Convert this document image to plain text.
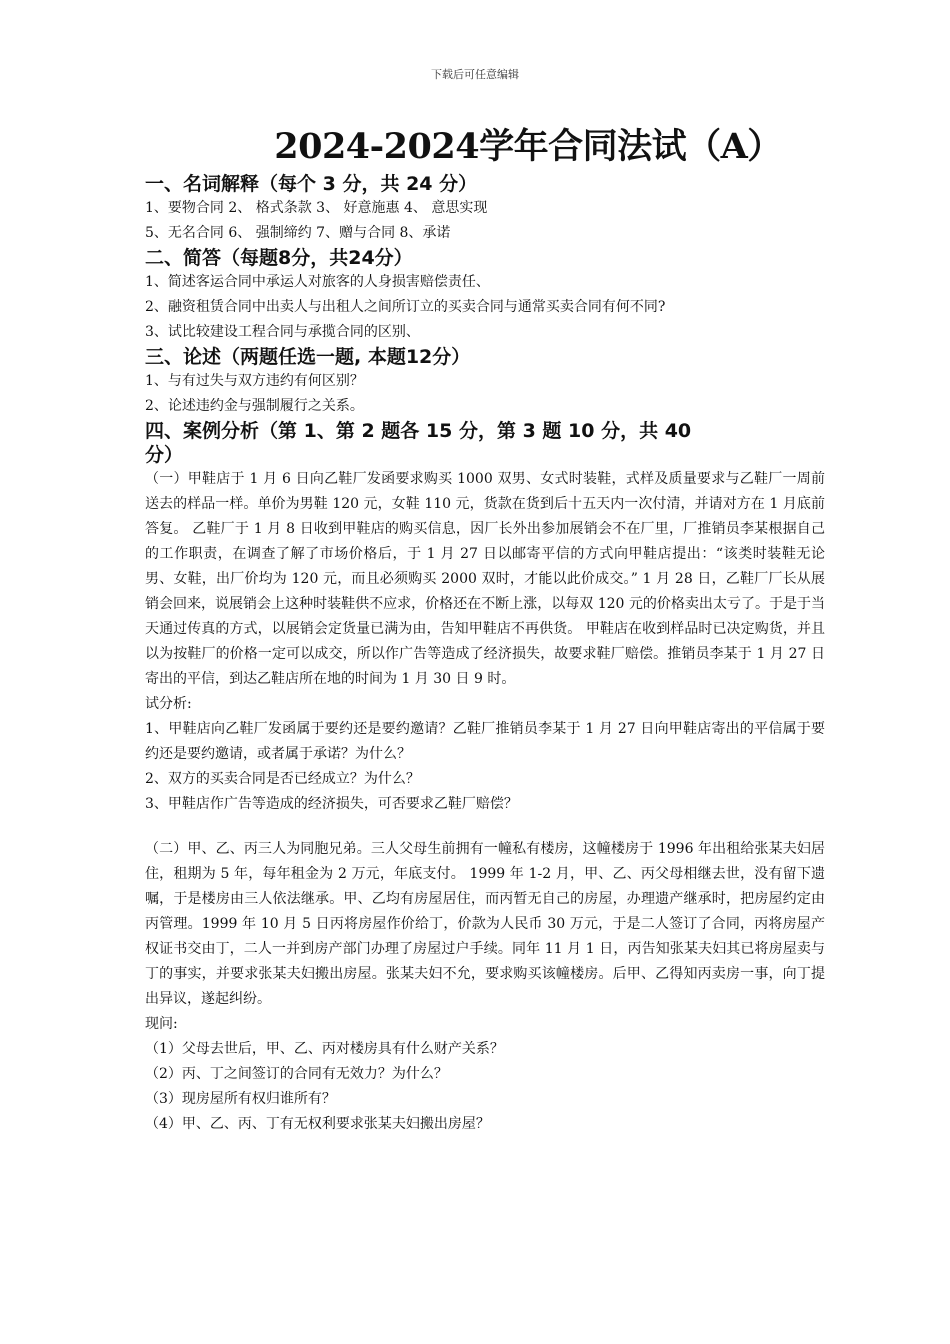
下载后可任意编辑
2024-2024学年合同法试（A）
一、名词解释（每个 3 分，共 24 分）

1、要物合同 2、 格式条款 3、 好意施惠 4、 意思实现

5、无名合同 6、 强制缔约 7、赠与合同 8、承诺

二、简答（每题8分，共24分）

1、简述客运合同中承运人对旅客的人身损害赔偿责任、

2、融资租赁合同中出卖人与出租人之间所订立的买卖合同与通常买卖合同有何不同?

3、试比较建设工程合同与承揽合同的区别、

三、论述（两题任选一题, 本题12分）

1、与有过失与双方违约有何区别？

2、论述违约金与强制履行之关系。

四、案例分析（第 1、第 2 题各 15 分，第 3 题 10 分，共 40 分）

（一）甲鞋店于 1 月 6 日向乙鞋厂发函要求购买 1000 双男、女式时装鞋，式样及质量要求与乙鞋厂一周前送去的样品一样。单价为男鞋 120 元，女鞋 110 元，货款在货到后十五天内一次付清，并请对方在 1 月底前答复。 乙鞋厂于 1 月 8 日收到甲鞋店的购买信息，因厂长外出参加展销会不在厂里，厂推销员李某根据自己的工作职责，在调查了解了市场价格后，于 1 月 27 日以邮寄平信的方式向甲鞋店提出：“该类时装鞋无论男、女鞋，出厂价均为 120 元，而且必须购买 2000 双时，才能以此价成交。” 1 月 28 日，乙鞋厂厂长从展销会回来，说展销会上这种时装鞋供不应求，价格还在不断上涨，以每双 120 元的价格卖出太亏了。于是于当天通过传真的方式，以展销会定货量已满为由，告知甲鞋店不再供货。 甲鞋店在收到样品时已决定购货，并且以为按鞋厂的价格一定可以成交，所以作广告等造成了经济损失，故要求鞋厂赔偿。推销员李某于 1 月 27 日寄出的平信，到达乙鞋店所在地的时间为 1 月 30 日 9 时。

试分析:

1、甲鞋店向乙鞋厂发函属于要约还是要约邀请？乙鞋厂推销员李某于 1 月 27 日向甲鞋店寄出的平信属于要约还是要约邀请，或者属于承诺？为什么？

2、双方的买卖合同是否已经成立？为什么？

3、甲鞋店作广告等造成的经济损失，可否要求乙鞋厂赔偿？

（二）甲、乙、丙三人为同胞兄弟。三人父母生前拥有一幢私有楼房，这幢楼房于 1996 年出租给张某夫妇居住，租期为 5 年，每年租金为 2 万元，年底支付。 1999 年 1-2 月，甲、乙、丙父母相继去世，没有留下遗嘱，于是楼房由三人依法继承。甲、乙均有房屋居住，而丙暂无自己的房屋，办理遗产继承时，把房屋约定由丙管理。1999 年 10 月 5 日丙将房屋作价给丁，价款为人民币 30 万元，于是二人签订了合同，丙将房屋产权证书交由丁，二人一并到房产部门办理了房屋过户手续。同年 11 月 1 日，丙告知张某夫妇其已将房屋卖与丁的事实，并要求张某夫妇搬出房屋。张某夫妇不允，要求购买该幢楼房。后甲、乙得知丙卖房一事，向丁提出异议，遂起纠纷。

现问:

（1）父母去世后，甲、乙、丙对楼房具有什么财产关系？

（2）丙、丁之间签订的合同有无效力？为什么？

（3）现房屋所有权归谁所有？

（4）甲、乙、丙、丁有无权利要求张某夫妇搬出房屋？
